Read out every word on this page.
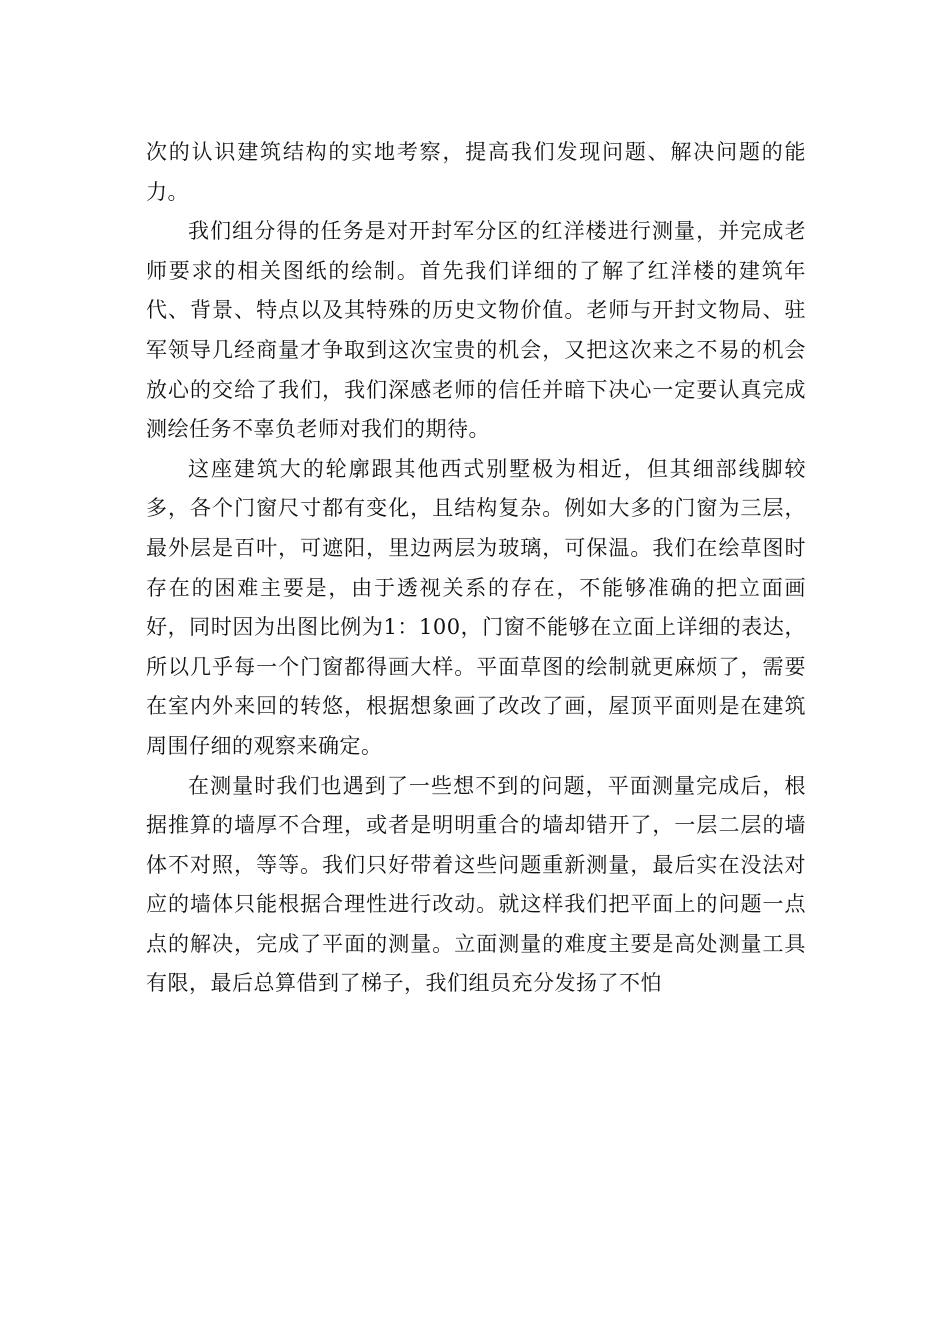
次的认识建筑结构的实地考察，提高我们发现问题、解决问题的能力。

我们组分得的任务是对开封军分区的红洋楼进行测量，并完成老师要求的相关图纸的绘制。首先我们详细的了解了红洋楼的建筑年代、背景、特点以及其特殊的历史文物价值。老师与开封文物局、驻军领导几经商量才争取到这次宝贵的机会，又把这次来之不易的机会放心的交给了我们，我们深感老师的信任并暗下决心一定要认真完成测绘任务不辜负老师对我们的期待。

这座建筑大的轮廓跟其他西式别墅极为相近，但其细部线脚较多，各个门窗尺寸都有变化，且结构复杂。例如大多的门窗为三层，最外层是百叶，可遮阳，里边两层为玻璃，可保温。我们在绘草图时存在的困难主要是，由于透视关系的存在，不能够准确的把立面画好，同时因为出图比例为1：100，门窗不能够在立面上详细的表达，所以几乎每一个门窗都得画大样。平面草图的绘制就更麻烦了，需要在室内外来回的转悠，根据想象画了改改了画，屋顶平面则是在建筑周围仔细的观察来确定。

在测量时我们也遇到了一些想不到的问题，平面测量完成后，根据推算的墙厚不合理，或者是明明重合的墙却错开了，一层二层的墙体不对照，等等。我们只好带着这些问题重新测量，最后实在没法对应的墙体只能根据合理性进行改动。就这样我们把平面上的问题一点点的解决，完成了平面的测量。立面测量的难度主要是高处测量工具有限，最后总算借到了梯子，我们组员充分发扬了不怕
